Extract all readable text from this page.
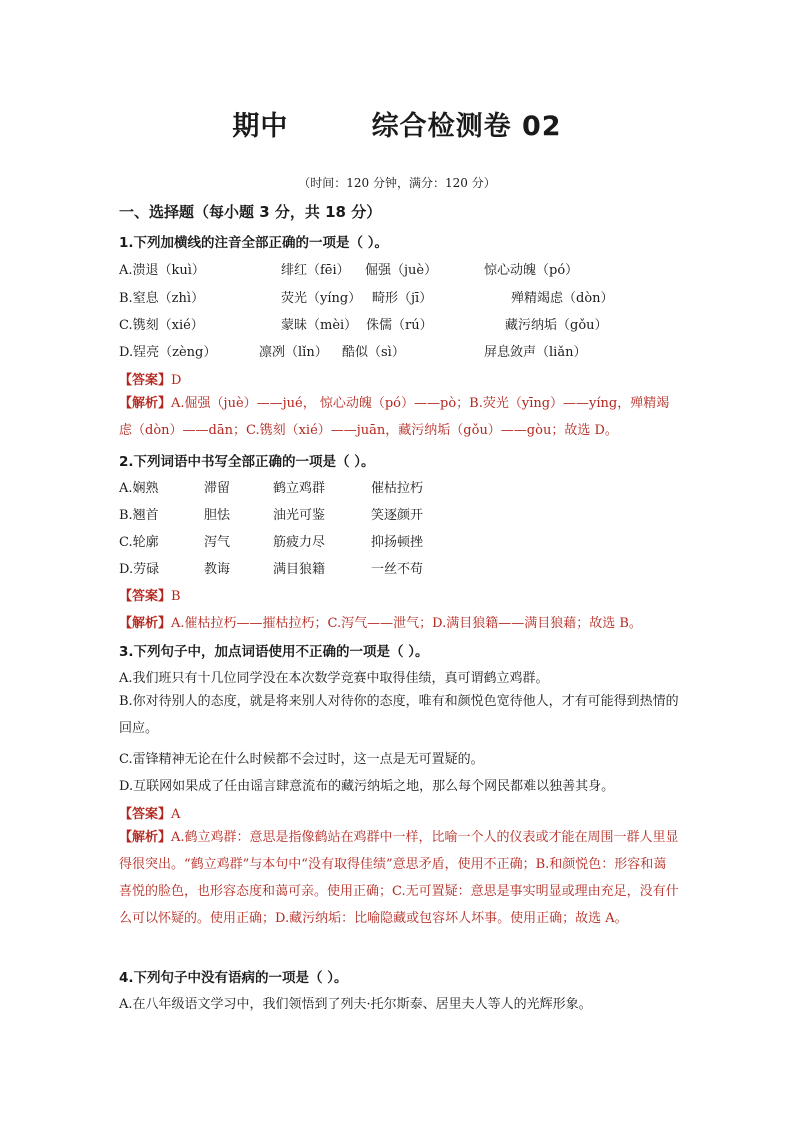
期中        综合检测卷 02
（时间：120 分钟，满分：120 分）
一、选择题（每小题 3 分，共 18 分）
1.下列加横线的注音全部正确的一项是（ ）。
A.溃退（kuì）	绯红（fēi） 倔强（juè）	惊心动魄（pó）
B.窒息（zhì）	荧光（yíng） 畸形（jī）	殚精竭虑（dòn）
C.镌刻（xié）	蒙昧（mèi） 侏儒（rú）	藏污纳垢（gǒu）
D.锃亮（zèng）	凛冽（lǐn） 酷似（sì）	屏息敛声（liǎn）
【答案】D
【解析】A.倔强（juè）——jué， 惊心动魄（pó）——pò；B.荧光（yīng）——yíng，殚精竭虑（dòn）——dān；C.镌刻（xié）——juān，藏污纳垢（gǒu）——gòu；故选 D。
2.下列词语中书写全部正确的一项是（ ）。
A.娴熟	滞留	鹤立鸡群	催枯拉朽
B.翘首	胆怯	油光可鉴	笑逐颜开
C.轮廓	泻气	筋疲力尽	抑扬顿挫
D.劳碌	教诲	满目狼籍	一丝不苟
【答案】B
【解析】A.催枯拉朽——摧枯拉朽；C.泻气——泄气；D.满目狼籍——满目狼藉；故选 B。
3.下列句子中，加点词语使用不正确的一项是（ ）。
A.我们班只有十几位同学没在本次数学竞赛中取得佳绩，真可谓鹤立鸡群。
B.你对待别人的态度，就是将来别人对待你的态度，唯有和颜悦色宽待他人，才有可能得到热情的回应。
C.雷锋精神无论在什么时候都不会过时，这一点是无可置疑的。
D.互联网如果成了任由谣言肆意流布的藏污纳垢之地，那么每个网民都难以独善其身。
【答案】A
【解析】A.鹤立鸡群：意思是指像鹤站在鸡群中一样，比喻一个人的仪表或才能在周围一群人里显得很突出。“鹤立鸡群”与本句中“没有取得佳绩”意思矛盾，使用不正确；B.和颜悦色：形容和蔼喜悦的脸色，也形容态度和蔼可亲。使用正确；C.无可置疑：意思是事实明显或理由充足，没有什么可以怀疑的。使用正确；D.藏污纳垢：比喻隐藏或包容坏人坏事。使用正确；故选 A。
4.下列句子中没有语病的一项是（ ）。
A.在八年级语文学习中，我们领悟到了列夫·托尔斯泰、居里夫人等人的光辉形象。
